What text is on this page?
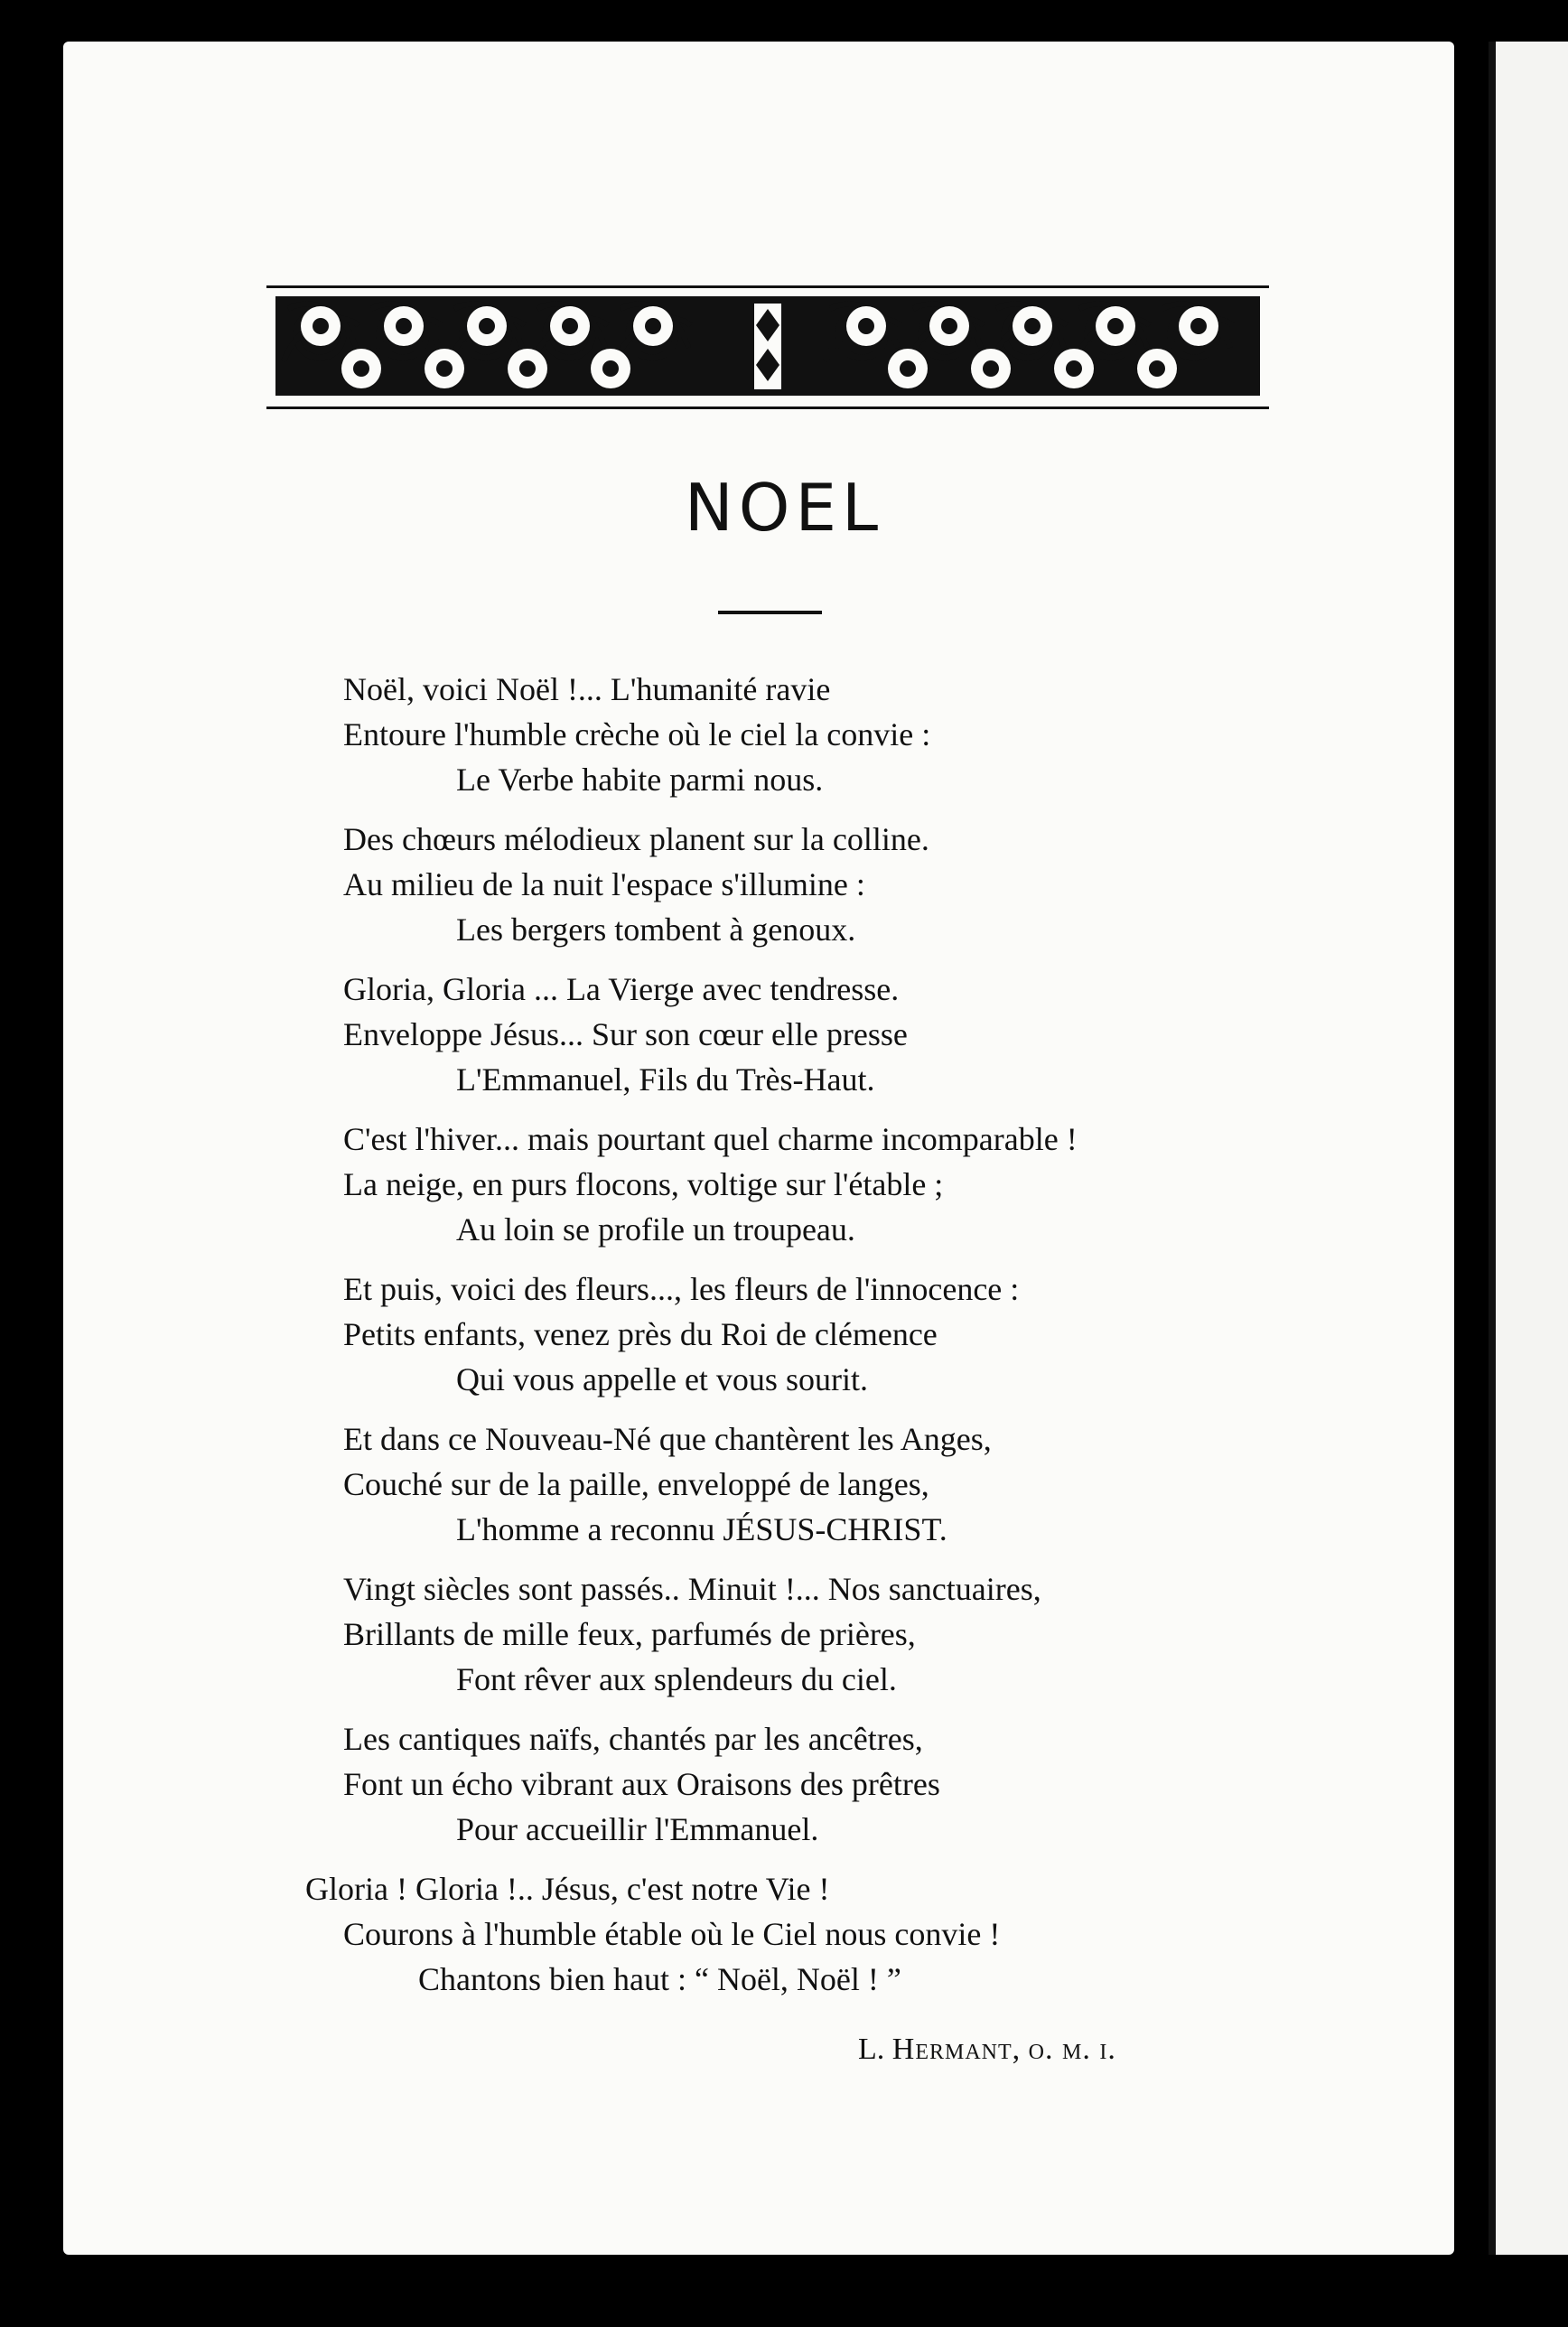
NOEL
Noël, voici Noël !... L'humanité ravie
Entoure l'humble crèche où le ciel la convie :
Le Verbe habite parmi nous.
Des chœurs mélodieux planent sur la colline.
Au milieu de la nuit l'espace s'illumine :
Les bergers tombent à genoux.
Gloria, Gloria ... La Vierge avec tendresse.
Enveloppe Jésus... Sur son cœur elle presse
L'Emmanuel, Fils du Très-Haut.
C'est l'hiver... mais pourtant quel charme incomparable !
La neige, en purs flocons, voltige sur l'étable ;
Au loin se profile un troupeau.
Et puis, voici des fleurs..., les fleurs de l'innocence :
Petits enfants, venez près du Roi de clémence
Qui vous appelle et vous sourit.
Et dans ce Nouveau-Né que chantèrent les Anges,
Couché sur de la paille, enveloppé de langes,
L'homme a reconnu JÉSUS-CHRIST.
Vingt siècles sont passés.. Minuit !... Nos sanctuaires,
Brillants de mille feux, parfumés de prières,
Font rêver aux splendeurs du ciel.
Les cantiques naïfs, chantés par les ancêtres,
Font un écho vibrant aux Oraisons des prêtres
Pour accueillir l'Emmanuel.
Gloria ! Gloria !.. Jésus, c'est notre Vie !
Courons à l'humble étable où le Ciel nous convie !
Chantons bien haut : “ Noël, Noël ! ”
L. Hermant, o. m. i.
